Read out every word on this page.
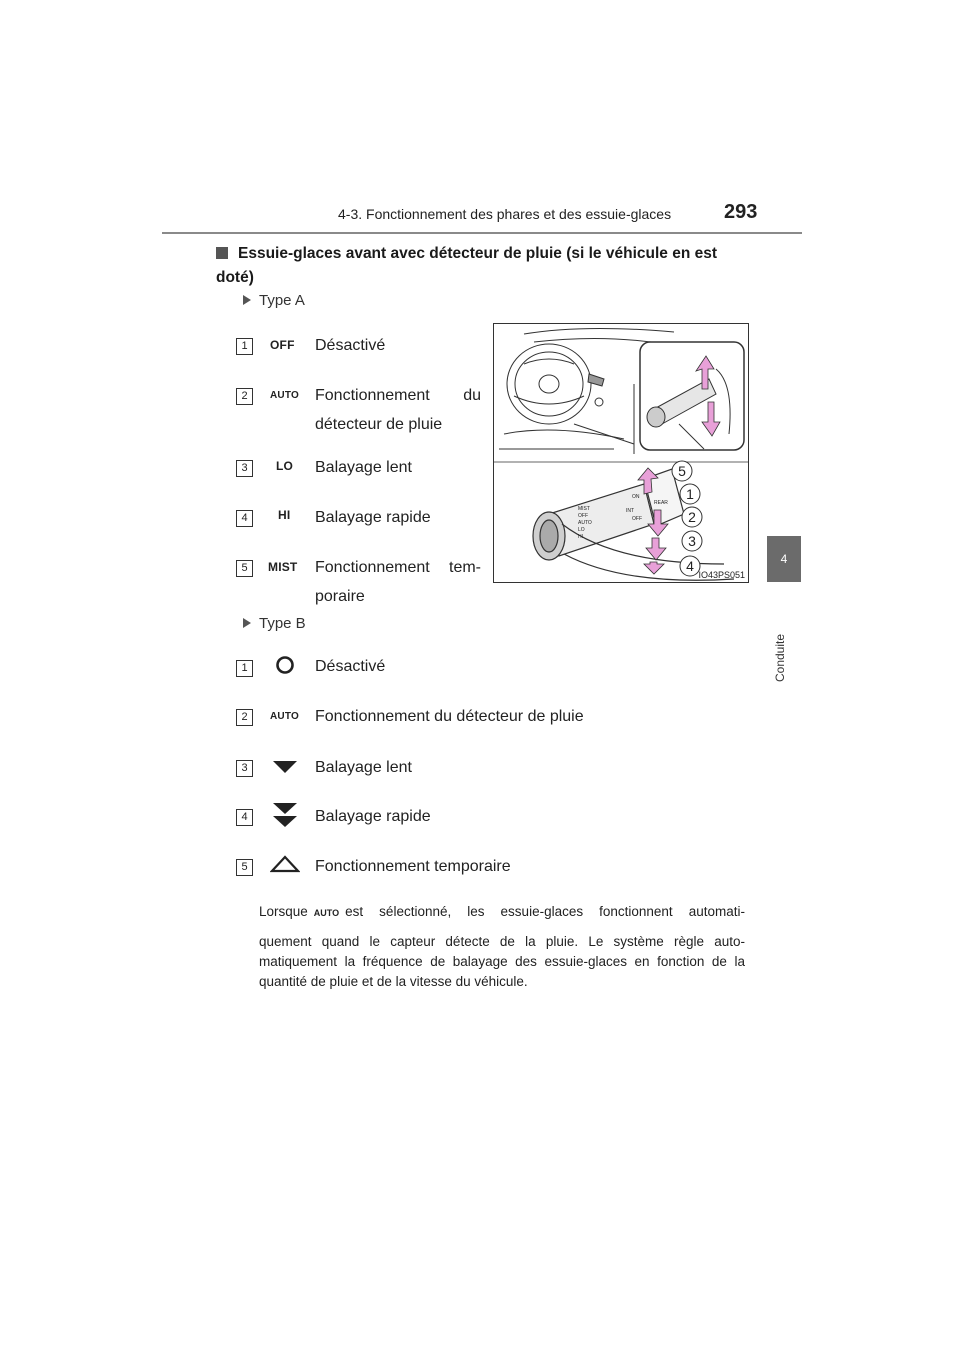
4-3. Fonctionnement des phares et des essuie-glaces	293
4
Conduite
Essuie-glaces avant avec détecteur de pluie (si le véhicule en est doté)
Type A
1	OFF Désactivé
2	AUTO Fonctionnement du
détecteur de pluie
3	LO Balayage lent
4	HI Balayage rapide
5	MIST Fonctionnement tem-
poraire
MIST
OFF
AUTO
LO
HI
INT
ON
OFF
REAR
5
1
2
3
4
IO43PS051
Type B
1	Désactivé
2	AUTO Fonctionnement du détecteur de pluie
3	Balayage lent
4	Balayage rapide
5	Fonctionnement temporaire
Lorsque AUTO est sélectionné, les essuie-glaces fonctionnent automati-
quement quand le capteur détecte de la pluie. Le système règle auto-matiquement la fréquence de balayage des essuie-glaces en fonction de la quantité de pluie et de la vitesse du véhicule.
